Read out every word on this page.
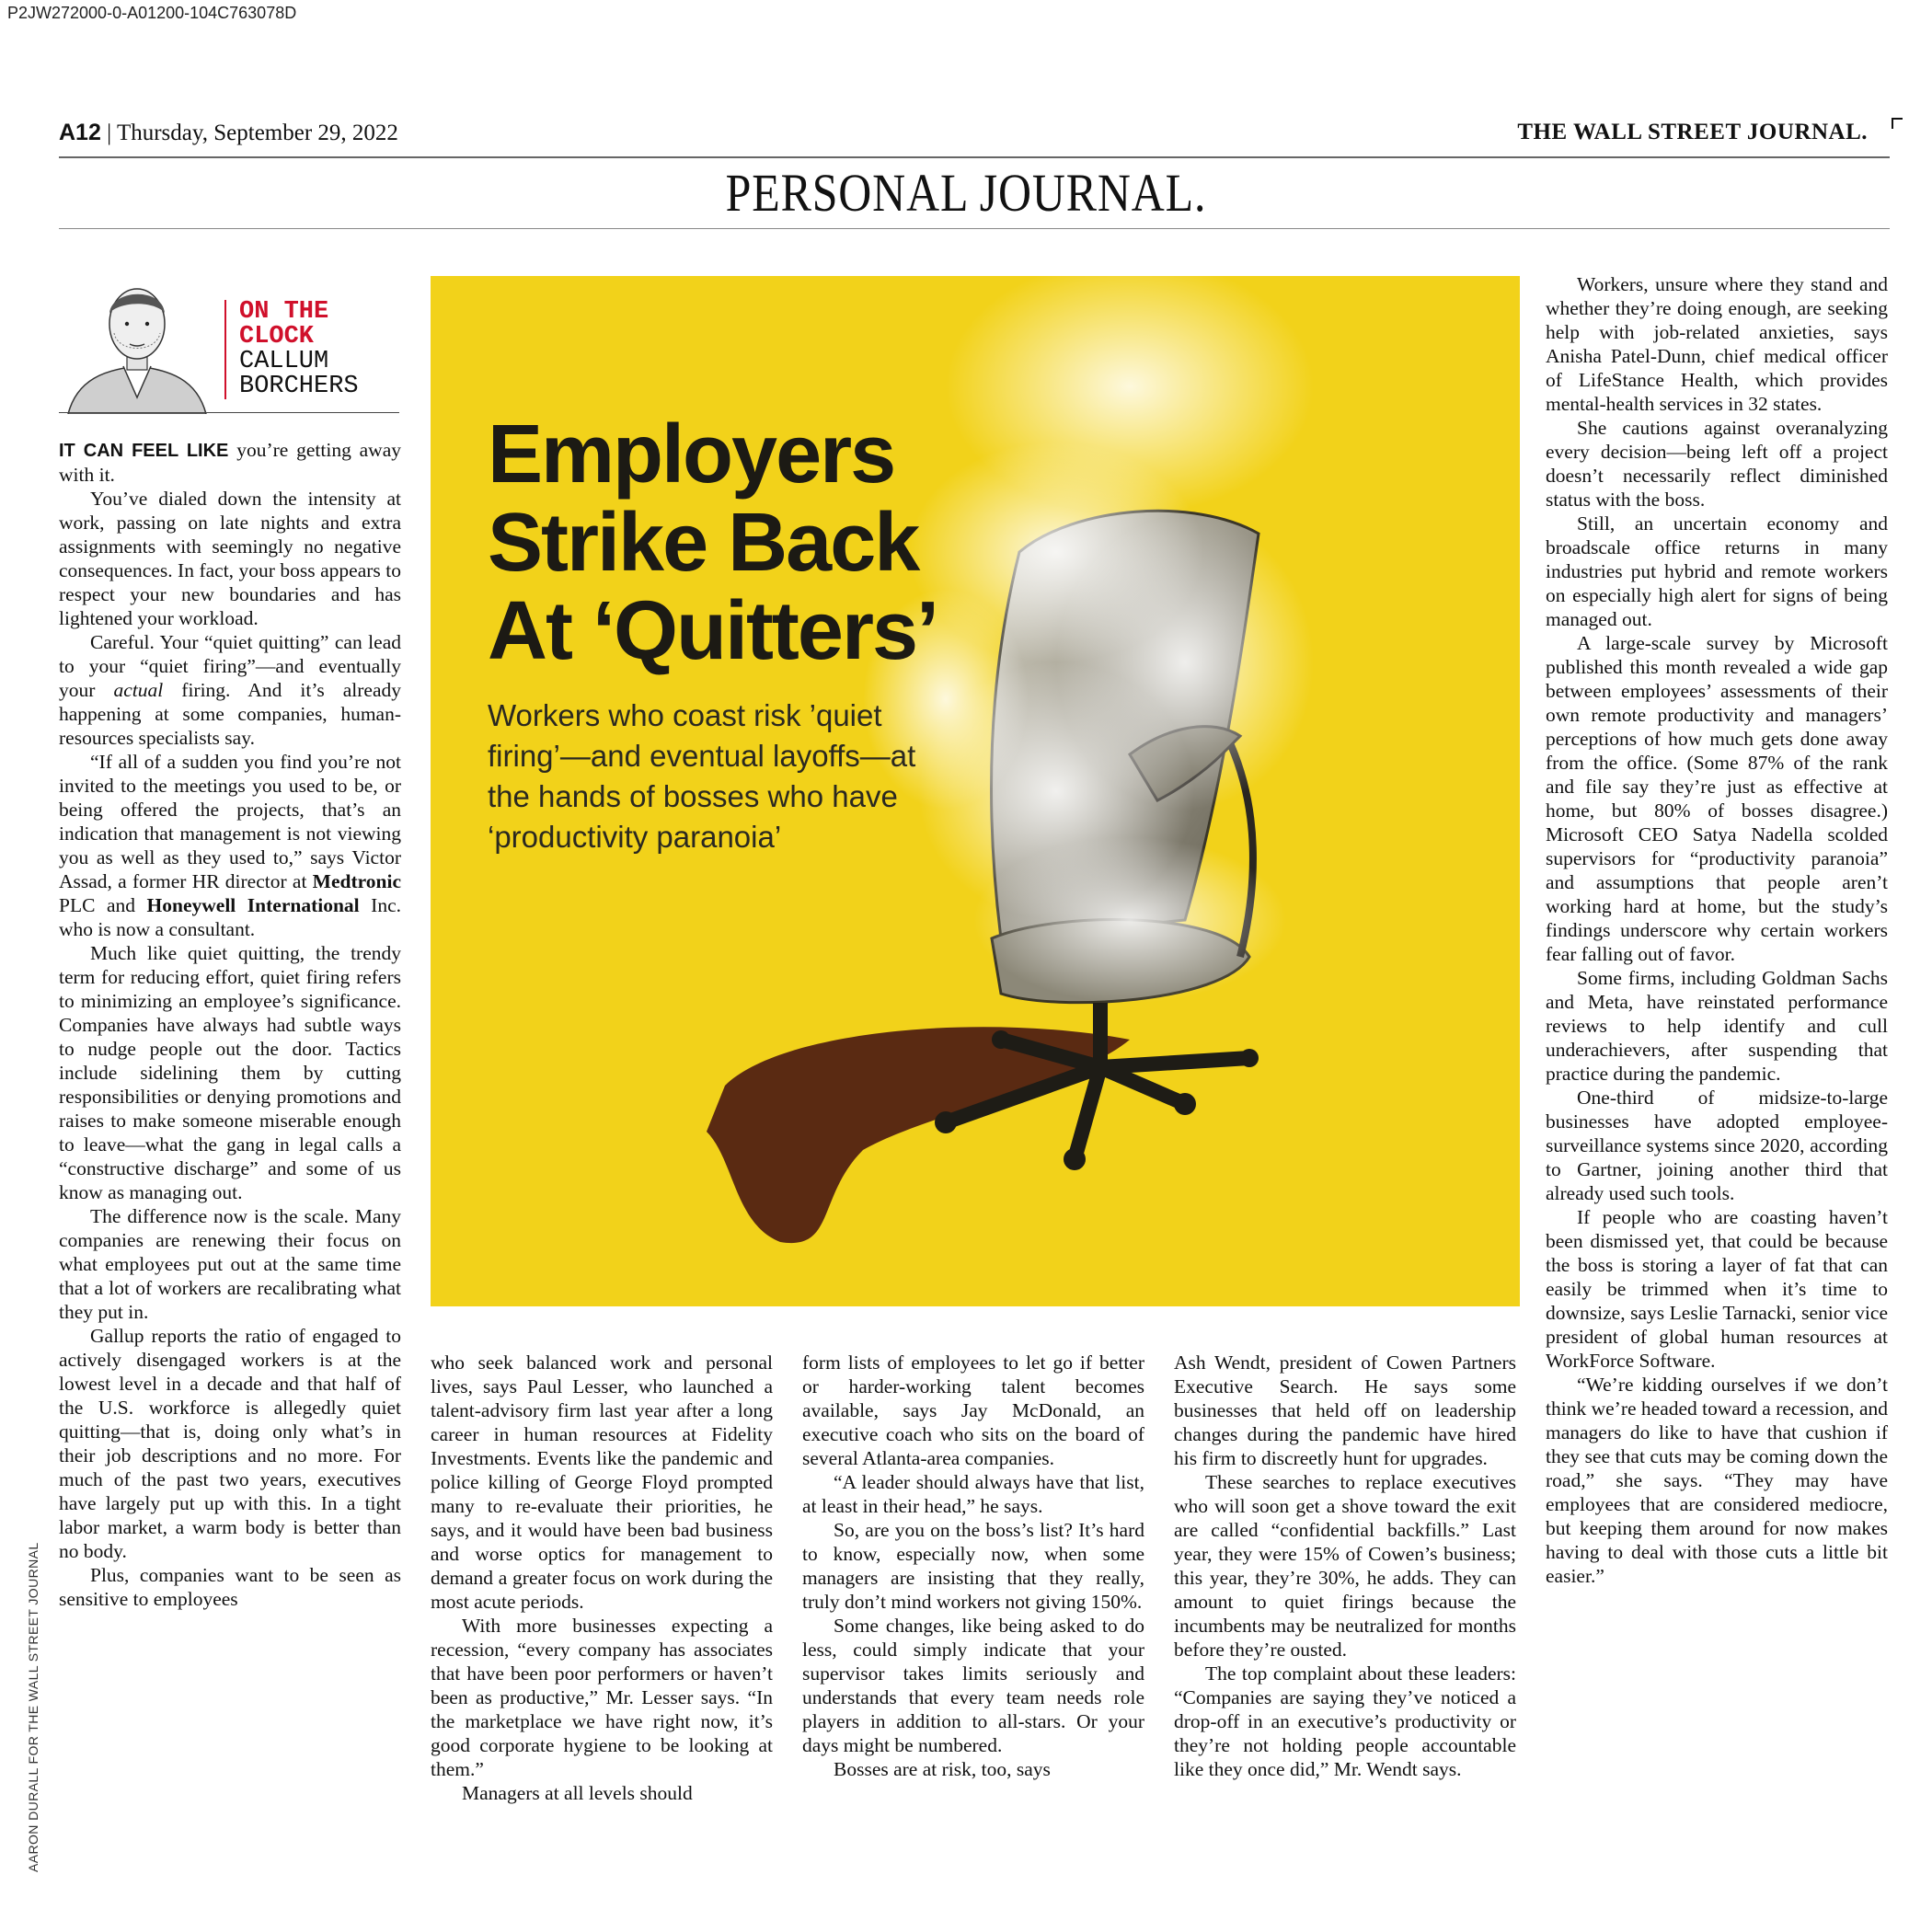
P2JW272000-0-A01200-104C763078D
A12 | Thursday, September 29, 2022	THE WALL STREET JOURNAL.
PERSONAL JOURNAL.
ON THE
CLOCK
CALLUM
BORCHERS

IT CAN FEEL LIKE you’re getting away with it.

You’ve dialed down the intensity at work, passing on late nights and extra assignments with seemingly no negative consequences. In fact, your boss appears to respect your new boundaries and has lightened your workload.

Careful. Your “quiet quitting” can lead to your “quiet firing”—and eventually your actual firing. And it’s already happening at some companies, human-resources specialists say.

“If all of a sudden you find you’re not invited to the meetings you used to be, or being offered the projects, that’s an indication that management is not viewing you as well as they used to,” says Victor Assad, a former HR director at Medtronic PLC and Honeywell International Inc. who is now a consultant.

Much like quiet quitting, the trendy term for reducing effort, quiet firing refers to minimizing an employee’s significance. Companies have always had subtle ways to nudge people out the door. Tactics include sidelining them by cutting responsibilities or denying promotions and raises to make someone miserable enough to leave—what the gang in legal calls a “constructive discharge” and some of us know as managing out.

The difference now is the scale. Many companies are renewing their focus on what employees put out at the same time that a lot of workers are recalibrating what they put in.

Gallup reports the ratio of engaged to actively disengaged workers is at the lowest level in a decade and that half of the U.S. workforce is allegedly quiet quitting—that is, doing only what’s in their job descriptions and no more. For much of the past two years, executives have largely put up with this. In a tight labor market, a warm body is better than no body.

Plus, companies want to be seen as sensitive to employees

AARON DURALL FOR THE WALL STREET JOURNAL
Employers
Strike Back
At ‘Quitters’
Workers who coast risk ’quiet firing’—and eventual layoffs—at the hands of bosses who have ‘productivity paranoia’

who seek balanced work and personal lives, says Paul Lesser, who launched a talent-advisory firm last year after a long career in human resources at Fidelity Investments. Events like the pandemic and police killing of George Floyd prompted many to re-evaluate their priorities, he says, and it would have been bad business and worse optics for management to demand a greater focus on work during the most acute periods.

With more businesses expecting a recession, “every company has associates that have been poor performers or haven’t been as productive,” Mr. Lesser says. “In the marketplace we have right now, it’s good corporate hygiene to be looking at them.”

Managers at all levels should

form lists of employees to let go if better or harder-working talent becomes available, says Jay McDonald, an executive coach who sits on the board of several Atlanta-area companies.

“A leader should always have that list, at least in their head,” he says.

So, are you on the boss’s list? It’s hard to know, especially now, when some managers are insisting that they really, truly don’t mind workers not giving 150%.

Some changes, like being asked to do less, could simply indicate that your supervisor takes limits seriously and understands that every team needs role players in addition to all-stars. Or your days might be numbered.

Bosses are at risk, too, says

Ash Wendt, president of Cowen Partners Executive Search. He says some businesses that held off on leadership changes during the pandemic have hired his firm to discreetly hunt for upgrades.

These searches to replace executives who will soon get a shove toward the exit are called “confidential backfills.” Last year, they were 15% of Cowen’s business; this year, they’re 30%, he adds. They can amount to quiet firings because the incumbents may be neutralized for months before they’re ousted.

The top complaint about these leaders: “Companies are saying they’ve noticed a drop-off in an executive’s productivity or they’re not holding people accountable like they once did,” Mr. Wendt says.

Workers, unsure where they stand and whether they’re doing enough, are seeking help with job-related anxieties, says Anisha Patel-Dunn, chief medical officer of LifeStance Health, which provides mental-health services in 32 states.

She cautions against overanalyzing every decision—being left off a project doesn’t necessarily reflect diminished status with the boss.

Still, an uncertain economy and broadscale office returns in many industries put hybrid and remote workers on especially high alert for signs of being managed out.

A large-scale survey by Microsoft published this month revealed a wide gap between employees’ assessments of their own remote productivity and managers’ perceptions of how much gets done away from the office. (Some 87% of the rank and file say they’re just as effective at home, but 80% of bosses disagree.) Microsoft CEO Satya Nadella scolded supervisors for “productivity paranoia” and assumptions that people aren’t working hard at home, but the study’s findings underscore why certain workers fear falling out of favor.

Some firms, including Goldman Sachs and Meta, have reinstated performance reviews to help identify and cull underachievers, after suspending that practice during the pandemic.

One-third of midsize-to-large businesses have adopted employee-surveillance systems since 2020, according to Gartner, joining another third that already used such tools.

If people who are coasting haven’t been dismissed yet, that could be because the boss is storing a layer of fat that can easily be trimmed when it’s time to downsize, says Leslie Tarnacki, senior vice president of global human resources at WorkForce Software.

“We’re kidding ourselves if we don’t think we’re headed toward a recession, and managers do like to have that cushion if they see that cuts may be coming down the road,” she says. “They may have employees that are considered mediocre, but keeping them around for now makes having to deal with those cuts a little bit easier.”
